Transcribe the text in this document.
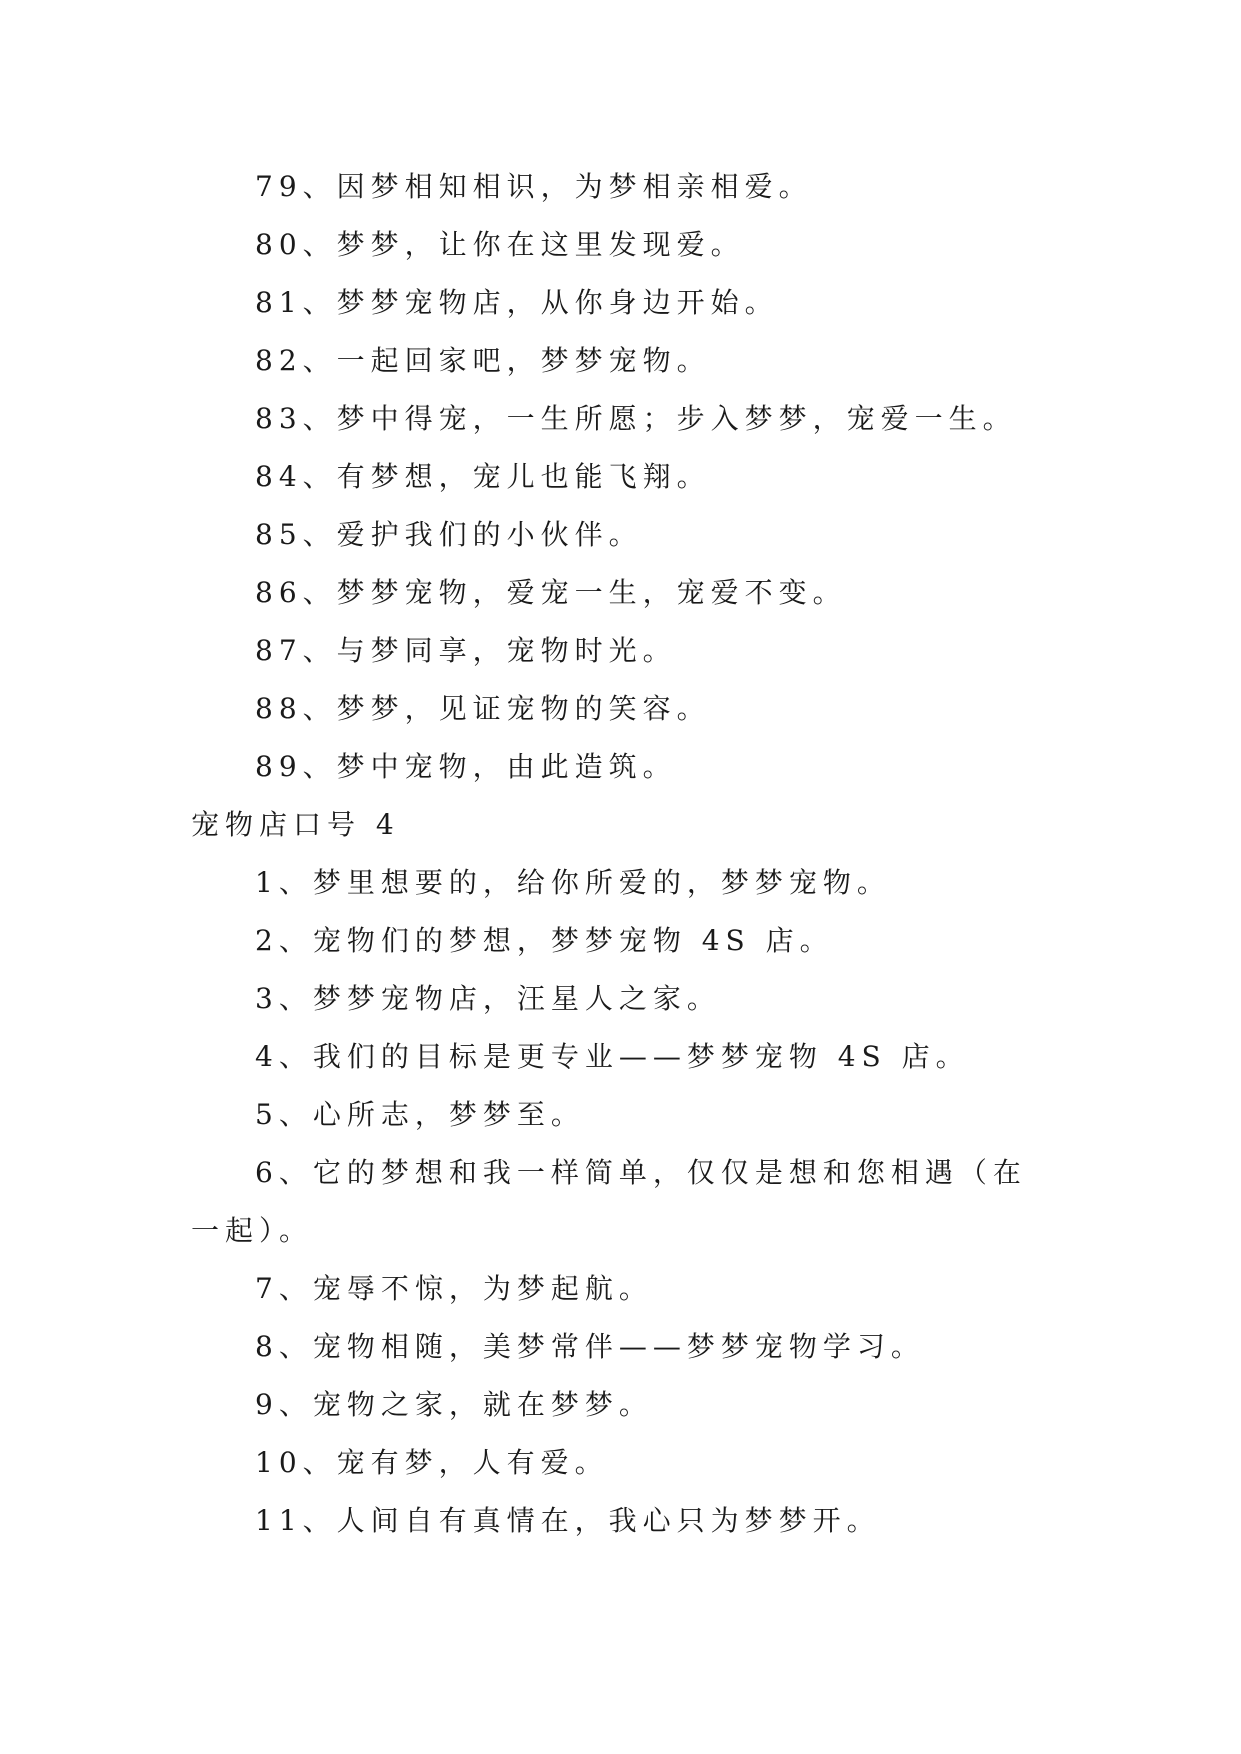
79、因梦相知相识，为梦相亲相爱。
80、梦梦，让你在这里发现爱。
81、梦梦宠物店，从你身边开始。
82、一起回家吧，梦梦宠物。
83、梦中得宠，一生所愿；步入梦梦，宠爱一生。
84、有梦想，宠儿也能飞翔。
85、爱护我们的小伙伴。
86、梦梦宠物，爱宠一生，宠爱不变。
87、与梦同享，宠物时光。
88、梦梦，见证宠物的笑容。
89、梦中宠物，由此造筑。
宠物店口号 4
1、梦里想要的，给你所爱的，梦梦宠物。
2、宠物们的梦想，梦梦宠物 4S 店。
3、梦梦宠物店，汪星人之家。
4、我们的目标是更专业——梦梦宠物 4S 店。
5、心所志，梦梦至。
6、它的梦想和我一样简单，仅仅是想和您相遇（在一起）。
7、宠辱不惊，为梦起航。
8、宠物相随，美梦常伴——梦梦宠物学习。
9、宠物之家，就在梦梦。
10、宠有梦，人有爱。
11、人间自有真情在，我心只为梦梦开。
